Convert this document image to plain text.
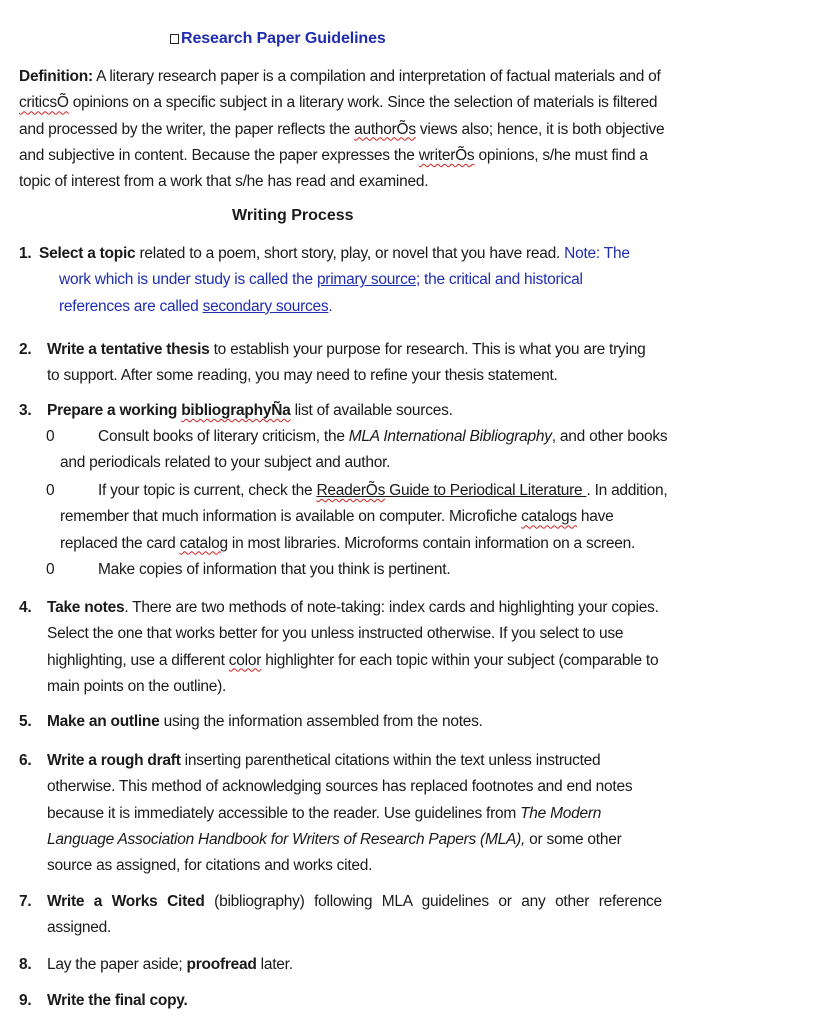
Research Paper Guidelines
Definition: A literary research paper is a compilation and interpretation of factual materials and of
criticsÕ opinions on a specific subject in a literary work. Since the selection of materials is filtered
and processed by the writer, the paper reflects the authorÕs views also; hence, it is both objective
and subjective in content. Because the paper expresses the writerÕs opinions, s/he must find a
topic of interest from a work that s/he has read and examined.
Writing Process
1. Select a topic related to a poem, short story, play, or novel that you have read. Note: The
work which is under study is called the primary source; the critical and historical
references are called secondary sources.
2. Write a tentative thesis to establish your purpose for research. This is what you are trying
to support. After some reading, you may need to refine your thesis statement.
3. Prepare a working bibliographyÑa list of available sources.
0	Consult books of literary criticism, the MLA International Bibliography, and other books
and periodicals related to your subject and author.
0	If your topic is current, check the ReaderÕs Guide to Periodical Literature . In addition,
remember that much information is available on computer. Microfiche catalogs have
replaced the card catalog in most libraries. Microforms contain information on a screen.
0	Make copies of information that you think is pertinent.
4. Take notes. There are two methods of note-taking: index cards and highlighting your copies.
Select the one that works better for you unless instructed otherwise. If you select to use
highlighting, use a different color highlighter for each topic within your subject (comparable to
main points on the outline).
5. Make an outline using the information assembled from the notes.
6. Write a rough draft inserting parenthetical citations within the text unless instructed
otherwise. This method of acknowledging sources has replaced footnotes and end notes
because it is immediately accessible to the reader. Use guidelines from The Modern
Language Association Handbook for Writers of Research Papers (MLA), or some other
source as assigned, for citations and works cited.
7. Write a Works Cited (bibliography) following MLA guidelines or any other reference
assigned.
8. Lay the paper aside; proofread later.
9. Write the final copy.
